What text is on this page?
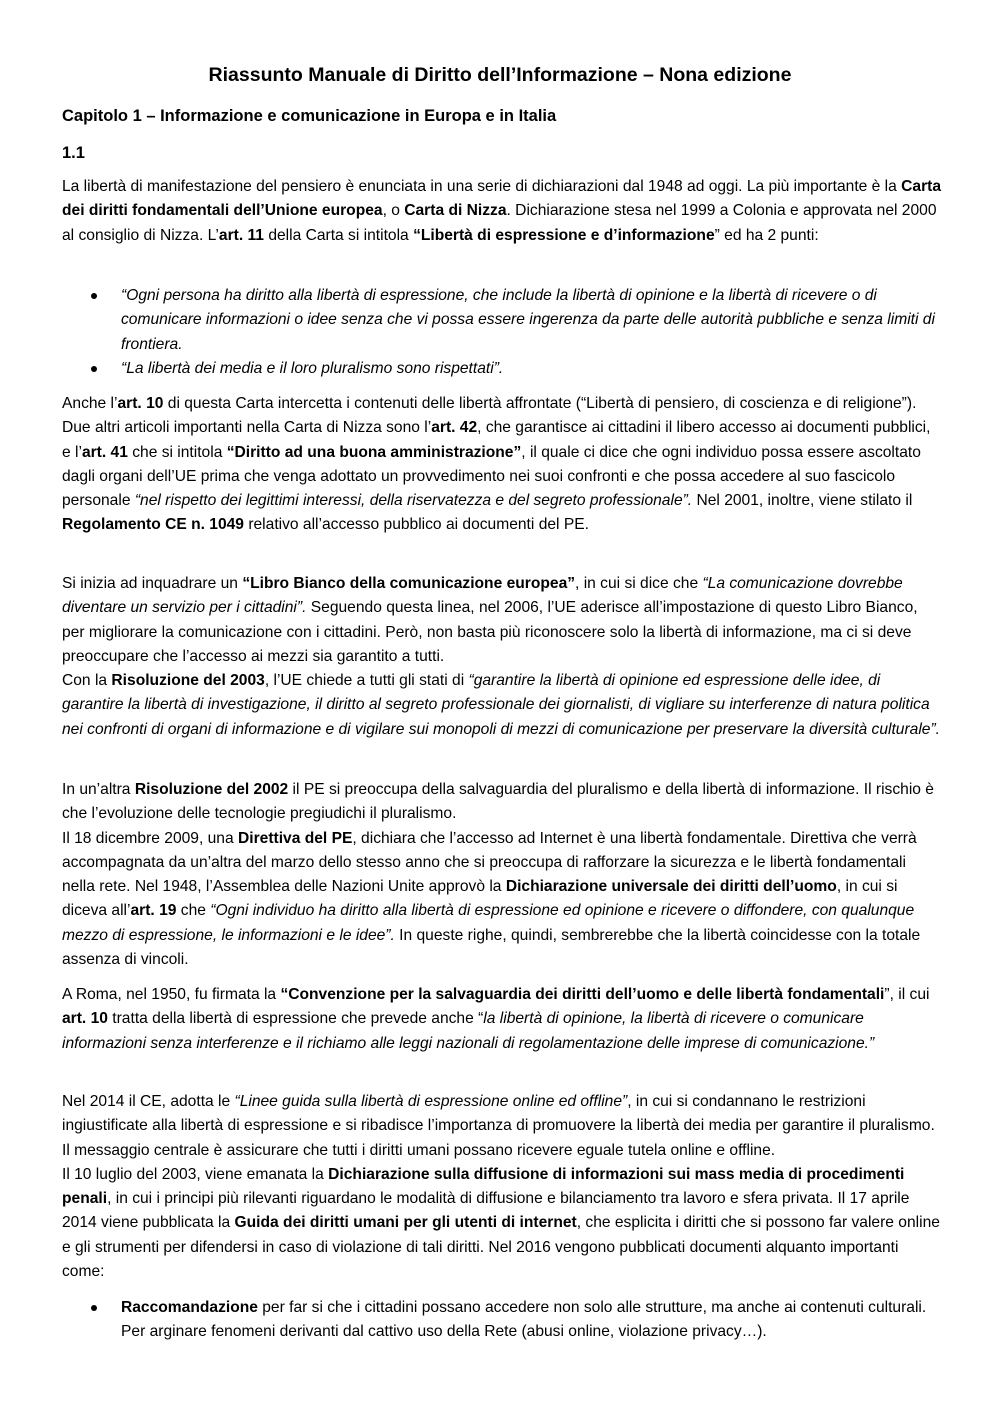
Riassunto Manuale di Diritto dell’Informazione – Nona edizione
Capitolo 1 – Informazione e comunicazione in Europa e in Italia
1.1

La libertà di manifestazione del pensiero è enunciata in una serie di dichiarazioni dal 1948 ad oggi. La più importante è la Carta dei diritti fondamentali dell’Unione europea, o Carta di Nizza. Dichiarazione stesa nel 1999 a Colonia e approvata nel 2000 al consiglio di Nizza. L’art. 11 della Carta si intitola “Libertà di espressione e d’informazione” ed ha 2 punti:

“Ogni persona ha diritto alla libertà di espressione, che include la libertà di opinione e la libertà di ricevere o di comunicare informazioni o idee senza che vi possa essere ingerenza da parte delle autorità pubbliche e senza limiti di frontiera.
“La libertà dei media e il loro pluralismo sono rispettati”.

Anche l’art. 10 di questa Carta intercetta i contenuti delle libertà affrontate (“Libertà di pensiero, di coscienza e di religione”). Due altri articoli importanti nella Carta di Nizza sono l’art. 42, che garantisce ai cittadini il libero accesso ai documenti pubblici, e l’art. 41 che si intitola “Diritto ad una buona amministrazione”, il quale ci dice che ogni individuo possa essere ascoltato dagli organi dell’UE prima che venga adottato un provvedimento nei suoi confronti e che possa accedere al suo fascicolo personale “nel rispetto dei legittimi interessi, della riservatezza e del segreto professionale”. Nel 2001, inoltre, viene stilato il Regolamento CE n. 1049 relativo all’accesso pubblico ai documenti del PE.

Si inizia ad inquadrare un “Libro Bianco della comunicazione europea”, in cui si dice che “La comunicazione dovrebbe diventare un servizio per i cittadini”. Seguendo questa linea, nel 2006, l’UE aderisce all’impostazione di questo Libro Bianco, per migliorare la comunicazione con i cittadini. Però, non basta più riconoscere solo la libertà di informazione, ma ci si deve preoccupare che l’accesso ai mezzi sia garantito a tutti.
Con la Risoluzione del 2003, l’UE chiede a tutti gli stati di “garantire la libertà di opinione ed espressione delle idee, di garantire la libertà di investigazione, il diritto al segreto professionale dei giornalisti, di vigliare su interferenze di natura politica nei confronti di organi di informazione e di vigilare sui monopoli di mezzi di comunicazione per preservare la diversità culturale”.

In un’altra Risoluzione del 2002 il PE si preoccupa della salvaguardia del pluralismo e della libertà di informazione. Il rischio è che l’evoluzione delle tecnologie pregiudichi il pluralismo.
Il 18 dicembre 2009, una Direttiva del PE, dichiara che l’accesso ad Internet è una libertà fondamentale. Direttiva che verrà accompagnata da un’altra del marzo dello stesso anno che si preoccupa di rafforzare la sicurezza e le libertà fondamentali nella rete. Nel 1948, l’Assemblea delle Nazioni Unite approvò la Dichiarazione universale dei diritti dell’uomo, in cui si diceva all’art. 19 che “Ogni individuo ha diritto alla libertà di espressione ed opinione e ricevere o diffondere, con qualunque mezzo di espressione, le informazioni e le idee”. In queste righe, quindi, sembrerebbe che la libertà coincidesse con la totale assenza di vincoli.

A Roma, nel 1950, fu firmata la “Convenzione per la salvaguardia dei diritti dell’uomo e delle libertà fondamentali”, il cui art. 10 tratta della libertà di espressione che prevede anche “la libertà di opinione, la libertà di ricevere o comunicare informazioni senza interferenze e il richiamo alle leggi nazionali di regolamentazione delle imprese di comunicazione.”

Nel 2014 il CE, adotta le “Linee guida sulla libertà di espressione online ed offline”, in cui si condannano le restrizioni ingiustificate alla libertà di espressione e si ribadisce l’importanza di promuovere la libertà dei media per garantire il pluralismo. Il messaggio centrale è assicurare che tutti i diritti umani possano ricevere eguale tutela online e offline.
Il 10 luglio del 2003, viene emanata la Dichiarazione sulla diffusione di informazioni sui mass media di procedimenti penali, in cui i principi più rilevanti riguardano le modalità di diffusione e bilanciamento tra lavoro e sfera privata. Il 17 aprile 2014 viene pubblicata la Guida dei diritti umani per gli utenti di internet, che esplicita i diritti che si possono far valere online e gli strumenti per difendersi in caso di violazione di tali diritti. Nel 2016 vengono pubblicati documenti alquanto importanti come:

Raccomandazione per far si che i cittadini possano accedere non solo alle strutture, ma anche ai contenuti culturali. Per arginare fenomeni derivanti dal cattivo uso della Rete (abusi online, violazione privacy…).
